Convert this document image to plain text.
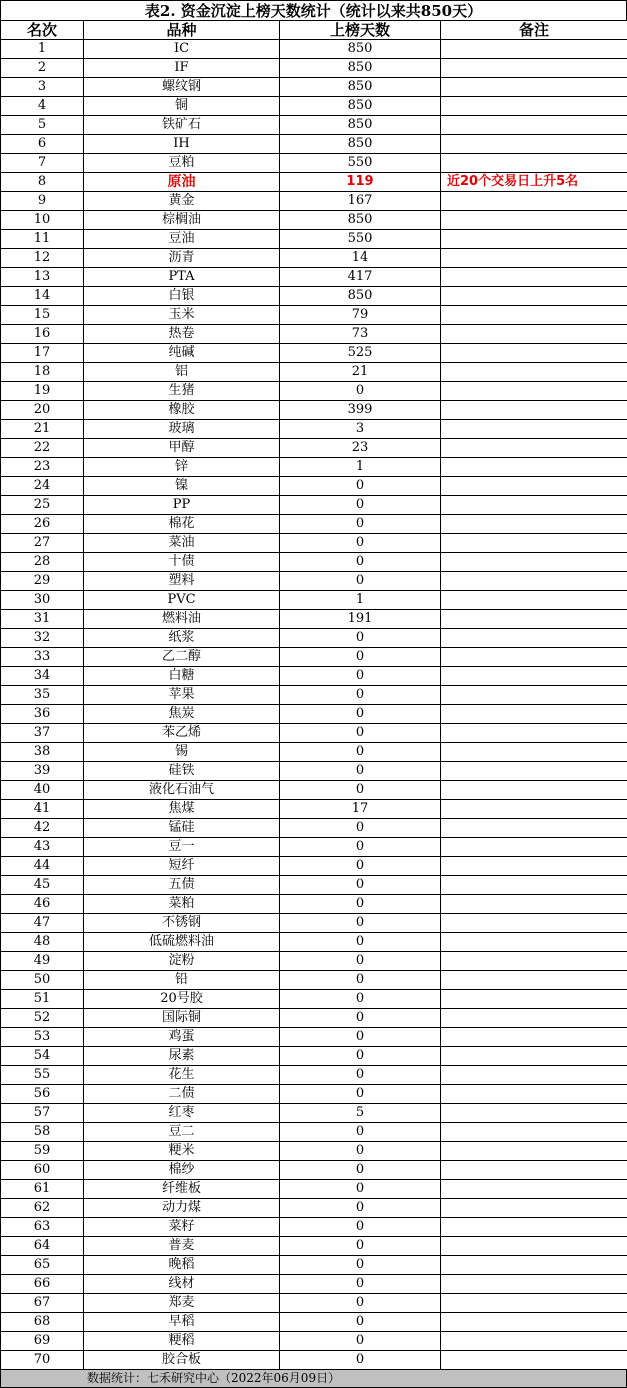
表2. 资金沉淀上榜天数统计（统计以来共850天）
名次	品种	上榜天数	备注
1	IC	850	
2	IF	850	
3	螺纹钢	850	
4	铜	850	
5	铁矿石	850	
6	IH	850	
7	豆粕	550	
8	原油	119	近20个交易日上升5名
9	黄金	167	
10	棕榈油	850	
11	豆油	550	
12	沥青	14	
13	PTA	417	
14	白银	850	
15	玉米	79	
16	热卷	73	
17	纯碱	525	
18	铝	21	
19	生猪	0	
20	橡胶	399	
21	玻璃	3	
22	甲醇	23	
23	锌	1	
24	镍	0	
25	PP	0	
26	棉花	0	
27	菜油	0	
28	十债	0	
29	塑料	0	
30	PVC	1	
31	燃料油	191	
32	纸浆	0	
33	乙二醇	0	
34	白糖	0	
35	苹果	0	
36	焦炭	0	
37	苯乙烯	0	
38	锡	0	
39	硅铁	0	
40	液化石油气	0	
41	焦煤	17	
42	锰硅	0	
43	豆一	0	
44	短纤	0	
45	五债	0	
46	菜粕	0	
47	不锈钢	0	
48	低硫燃料油	0	
49	淀粉	0	
50	铅	0	
51	20号胶	0	
52	国际铜	0	
53	鸡蛋	0	
54	尿素	0	
55	花生	0	
56	二债	0	
57	红枣	5	
58	豆二	0	
59	粳米	0	
60	棉纱	0	
61	纤维板	0	
62	动力煤	0	
63	菜籽	0	
64	普麦	0	
65	晚稻	0	
66	线材	0	
67	郑麦	0	
68	早稻	0	
69	粳稻	0	
70	胶合板	0	
数据统计：七禾研究中心（2022年06月09日）
